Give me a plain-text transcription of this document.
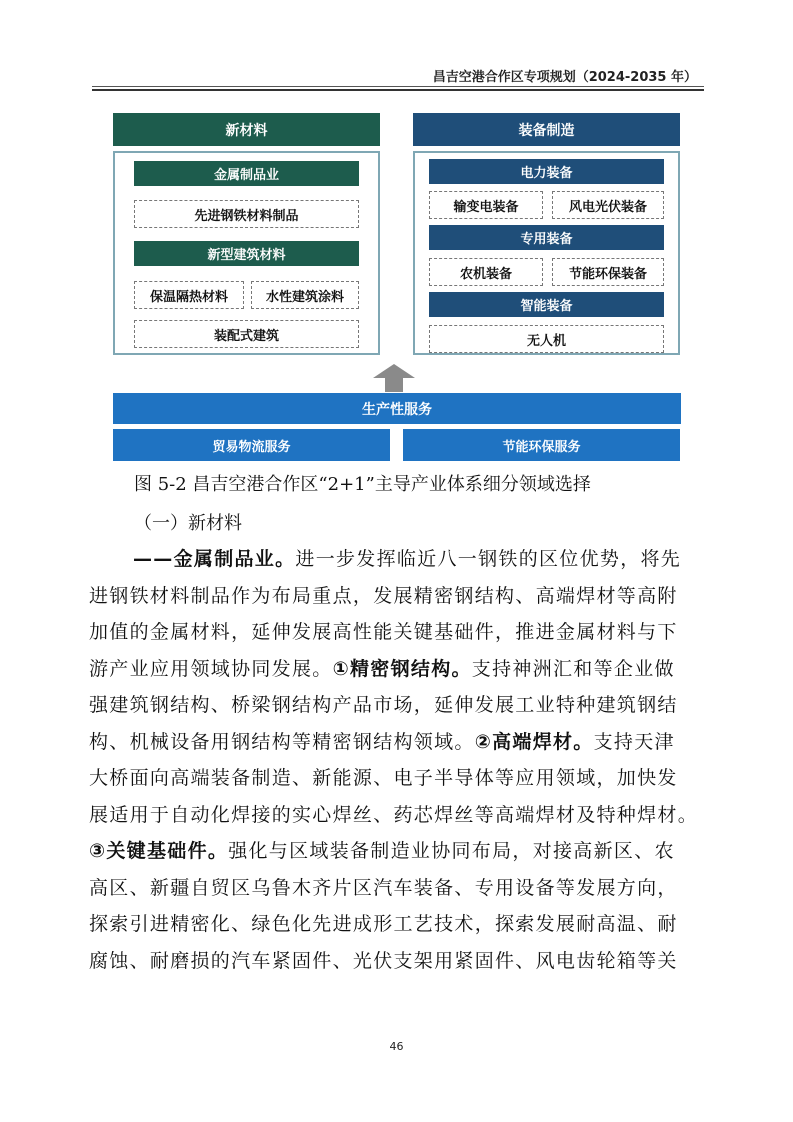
昌吉空港合作区专项规划（2024-2035 年）
新材料	装备制造
金属制品业
先进钢铁材料制品
新型建筑材料
保温隔热材料	水性建筑涂料
装配式建筑
电力装备
输变电装备	风电光伏装备
专用装备
农机装备	节能环保装备
智能装备
无人机
生产性服务
贸易物流服务	节能环保服务
图 5-2 昌吉空港合作区“2+1”主导产业体系细分领域选择
（一）新材料
——金属制品业。进一步发挥临近八一钢铁的区位优势，将先
进钢铁材料制品作为布局重点，发展精密钢结构、高端焊材等高附
加值的金属材料，延伸发展高性能关键基础件，推进金属材料与下
游产业应用领域协同发展。①精密钢结构。支持神洲汇和等企业做
强建筑钢结构、桥梁钢结构产品市场，延伸发展工业特种建筑钢结
构、机械设备用钢结构等精密钢结构领域。②高端焊材。支持天津
大桥面向高端装备制造、新能源、电子半导体等应用领域，加快发
展适用于自动化焊接的实心焊丝、药芯焊丝等高端焊材及特种焊材。
③关键基础件。强化与区域装备制造业协同布局，对接高新区、农
高区、新疆自贸区乌鲁木齐片区汽车装备、专用设备等发展方向，
探索引进精密化、绿色化先进成形工艺技术，探索发展耐高温、耐
腐蚀、耐磨损的汽车紧固件、光伏支架用紧固件、风电齿轮箱等关
46
